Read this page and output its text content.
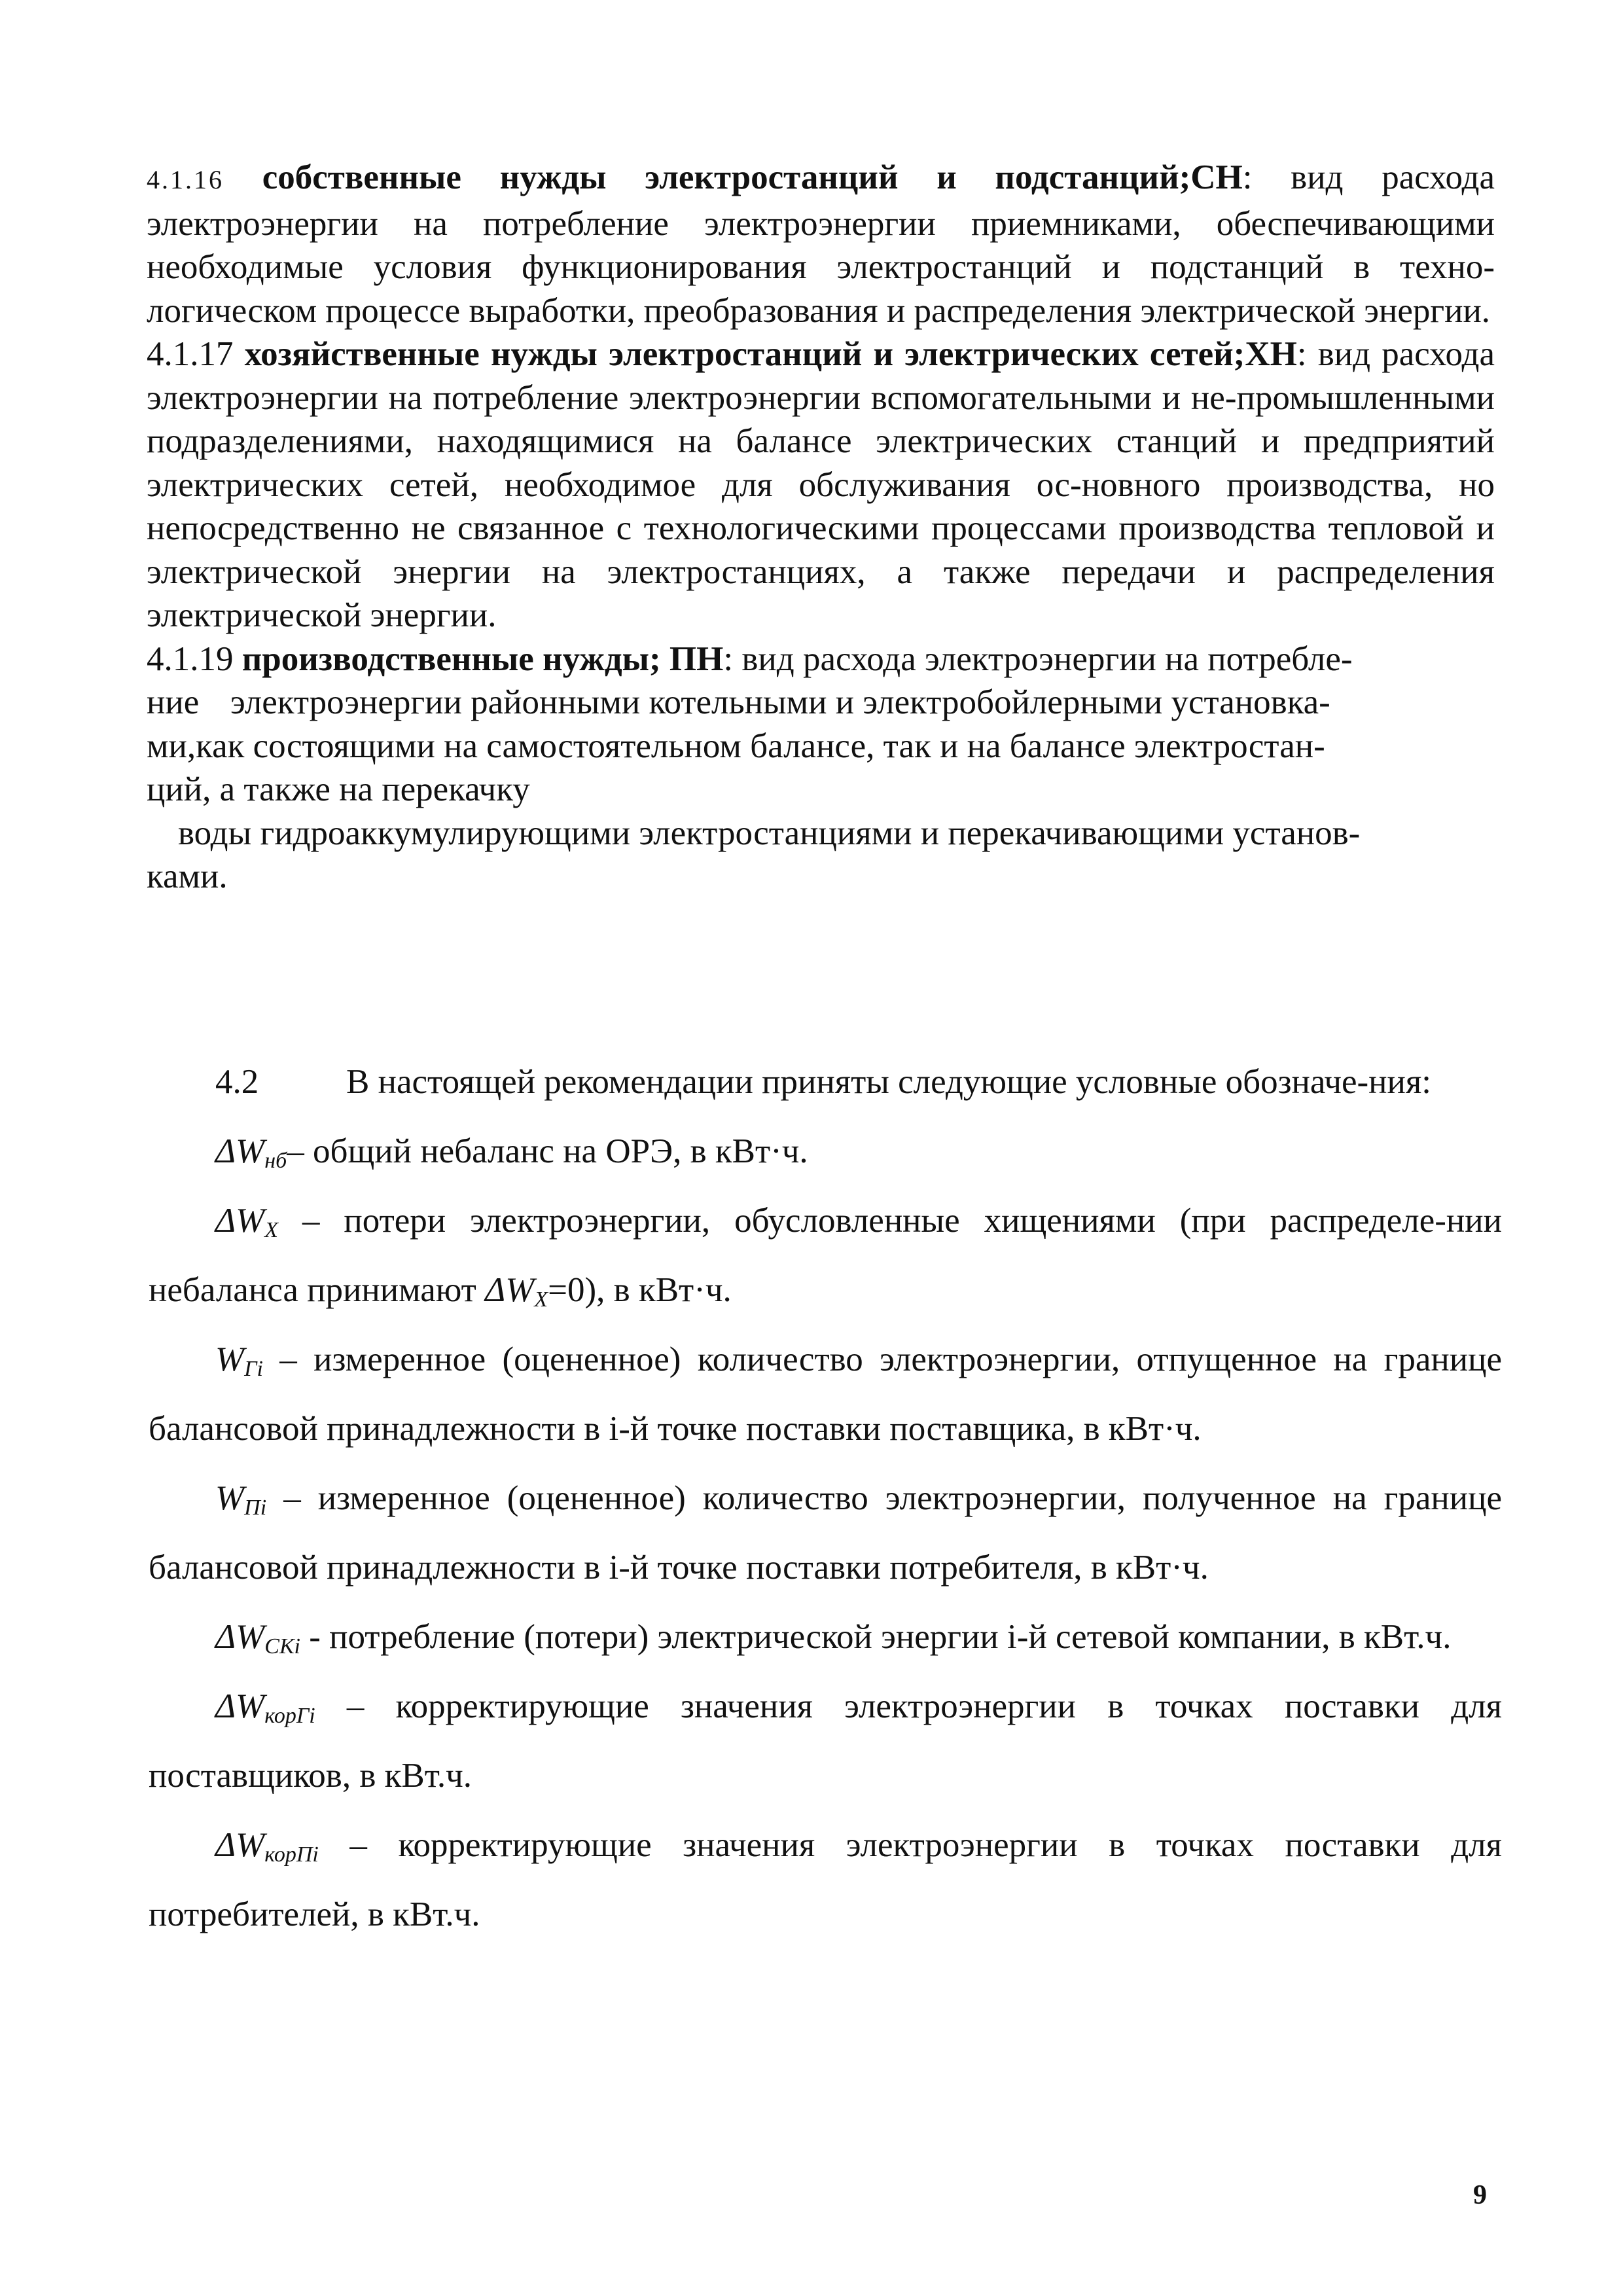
4.1.16 собственные нужды электростанций и подстанций;СН: вид расхода электроэнергии на потребление электроэнергии приемниками, обеспечивающими необходимые условия функционирования электростанций и подстанций в техно-логическом процессе выработки, преобразования и распределения электрической энергии.

4.1.17 хозяйственные нужды электростанций и электрических сетей;ХН: вид расхода электроэнергии на потребление электроэнергии вспомогательными и не-промышленными подразделениями, находящимися на балансе электрических станций и предприятий электрических сетей, необходимое для обслуживания ос-новного производства, но непосредственно не связанное с технологическими процессами производства тепловой и электрической энергии на электростанциях, а также передачи и распределения электрической энергии.

4.1.19 производственные нужды; ПН: вид расхода электроэнергии на потребле-
ние электроэнергии районными котельными и электробойлерными установка-
ми,как состоящими на самостоятельном балансе, так и на балансе электростан-
ций, а также на перекачку
воды гидроаккумулирующими электростанциями и перекачивающими установ-
ками.

4.2	В настоящей рекомендации приняты следующие условные обозначе-ния:

$\Delta W_{нб}-$ общий небаланс на ОРЭ, в кВт·ч.

$\Delta W_X$ – потери электроэнергии, обусловленные хищениями (при распределе-нии небаланса принимают $\Delta W_X=0$), в кВт·ч.

$W_{Гi}$ – измеренное (оцененное) количество электроэнергии, отпущенное на границе балансовой принадлежности в i-й точке поставки поставщика, в кВт·ч.

$W_{Пi}$ – измеренное (оцененное) количество электроэнергии, полученное на границе балансовой принадлежности в i-й точке поставки потребителя, в кВт·ч.

$\Delta W_{СКi}$ - потребление (потери) электрической энергии i-й сетевой компании, в кВт.ч.

$\Delta W_{корГi}$ – корректирующие значения электроэнергии в точках поставки для поставщиков, в кВт.ч.

$\Delta W_{корПi}$ – корректирующие значения электроэнергии в точках поставки для потребителей, в кВт.ч.

9
